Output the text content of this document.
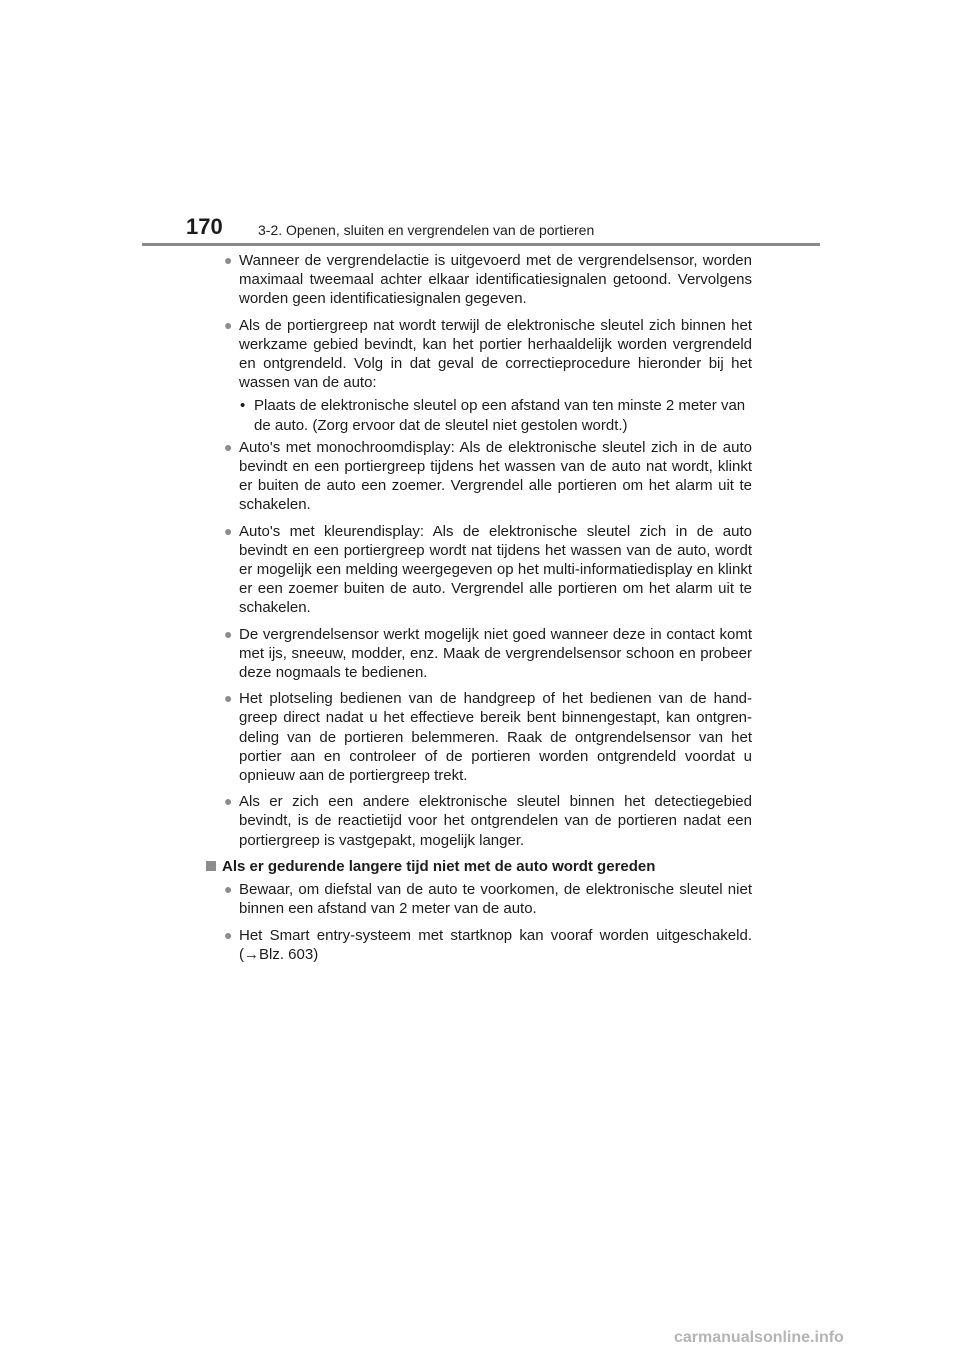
170	3-2. Openen, sluiten en vergrendelen van de portieren
● Wanneer de vergrendelactie is uitgevoerd met de vergrendelsensor, worden maximaal tweemaal achter elkaar identificatiesignalen getoond. Vervolgens worden geen identificatiesignalen gegeven.
● Als de portiergreep nat wordt terwijl de elektronische sleutel zich binnen het werkzame gebied bevindt, kan het portier herhaaldelijk worden vergrendeld en ontgrendeld. Volg in dat geval de correctieprocedure hieronder bij het wassen van de auto:
• Plaats de elektronische sleutel op een afstand van ten minste 2 meter van de auto. (Zorg ervoor dat de sleutel niet gestolen wordt.)
● Auto's met monochroomdisplay: Als de elektronische sleutel zich in de auto bevindt en een portiergreep tijdens het wassen van de auto nat wordt, klinkt er buiten de auto een zoemer. Vergrendel alle portieren om het alarm uit te schakelen.
● Auto's met kleurendisplay: Als de elektronische sleutel zich in de auto bevindt en een portiergreep wordt nat tijdens het wassen van de auto, wordt er mogelijk een melding weergegeven op het multi-informatiedisplay en klinkt er een zoemer buiten de auto. Vergrendel alle portieren om het alarm uit te schakelen.
● De vergrendelsensor werkt mogelijk niet goed wanneer deze in contact komt met ijs, sneeuw, modder, enz. Maak de vergrendelsensor schoon en probeer deze nogmaals te bedienen.
● Het plotseling bedienen van de handgreep of het bedienen van de hand-greep direct nadat u het effectieve bereik bent binnengestapt, kan ontgren-deling van de portieren belemmeren. Raak de ontgrendelsensor van het portier aan en controleer of de portieren worden ontgrendeld voordat u opnieuw aan de portiergreep trekt.
● Als er zich een andere elektronische sleutel binnen het detectiegebied bevindt, is de reactietijd voor het ontgrendelen van de portieren nadat een portiergreep is vastgepakt, mogelijk langer.
Als er gedurende langere tijd niet met de auto wordt gereden
● Bewaar, om diefstal van de auto te voorkomen, de elektronische sleutel niet binnen een afstand van 2 meter van de auto.
● Het Smart entry-systeem met startknop kan vooraf worden uitgeschakeld. (→Blz. 603)
carmanualsonline.info
